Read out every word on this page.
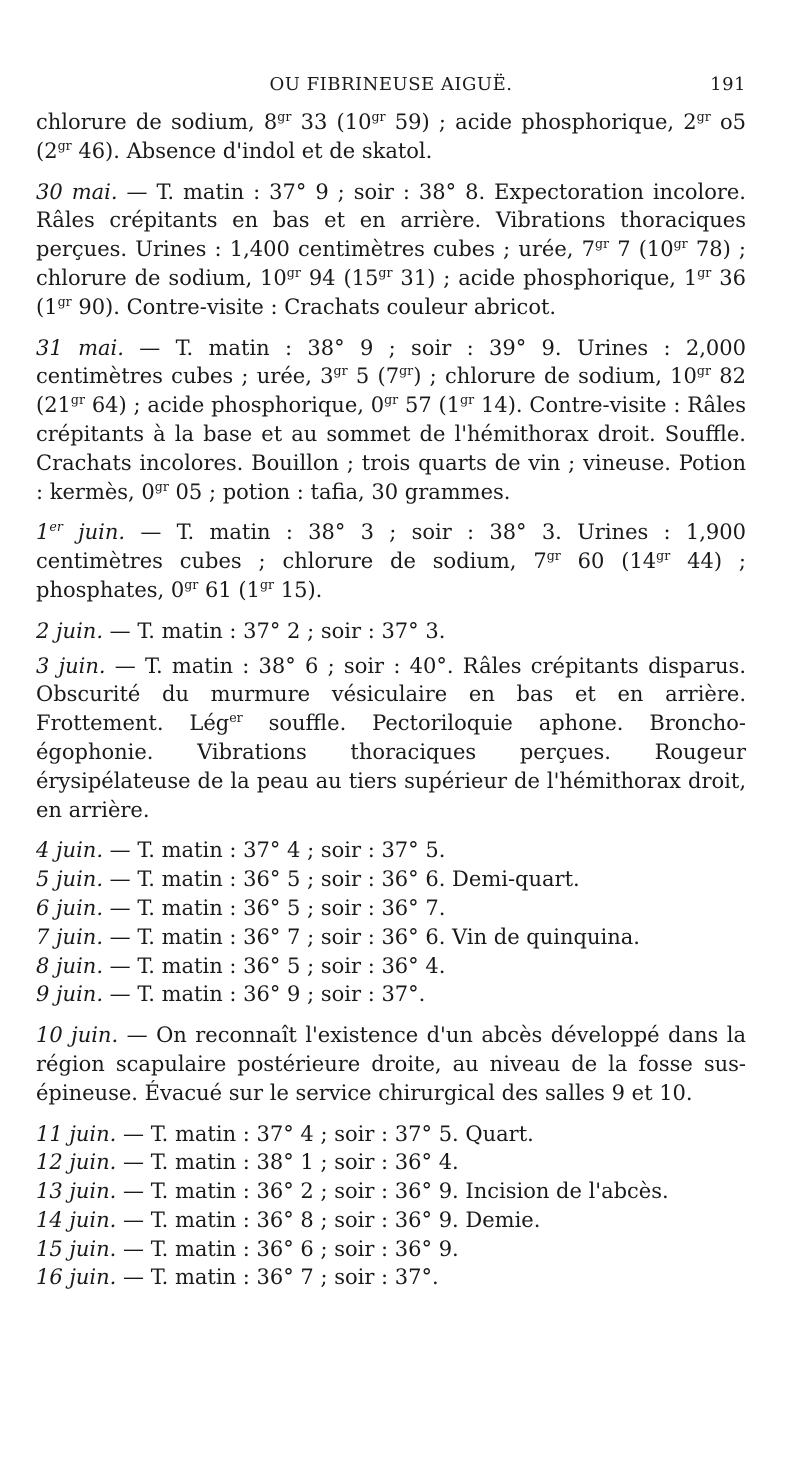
OU FIBRINEUSE AIGUË.	191

chlorure de sodium, $8^{gr}$ 33 ($10^{gr}$ 59) ; acide phosphorique, $2^{gr}$ o5 ($2^{gr}$ 46). Absence d'indol et de skatol.

30 mai. — T. matin : 37° 9 ; soir : 38° 8. Expectoration incolore. Râles crépitants en bas et en arrière. Vibrations thoraciques perçues. Urines : 1,400 centimètres cubes ; urée, $7^{gr}$ 7 ($10^{gr}$ 78) ; chlorure de sodium, $10^{gr}$ 94 ($15^{gr}$ 31) ; acide phosphorique, $1^{gr}$ 36 ($1^{gr}$ 90). Contre-visite : Crachats couleur abricot.

31 mai. — T. matin : 38° 9 ; soir : 39° 9. Urines : 2,000 centimètres cubes ; urée, $3^{gr}$ 5 $(7^{gr})$ ; chlorure de sodium, $10^{gr}$ 82 ($21^{gr}$ 64) ; acide phosphorique, $0^{gr}$ 57 ($1^{gr}$ 14). Contre-visite : Râles crépitants à la base et au sommet de l'hémithorax droit. Souffle. Crachats incolores. Bouillon ; trois quarts de vin ; vineuse. Potion : kermès, $0^{gr}$ 05 ; potion : tafia, 30 grammes.

1er juin. — T. matin : 38° 3 ; soir : 38° 3. Urines : 1,900 centimètres cubes ; chlorure de sodium, $7^{gr}$ 60 ($14^{gr}$ 44) ; phosphates, $0^{gr}$ 61 ($1^{gr}$ 15).

2 juin. — T. matin : 37° 2 ; soir : 37° 3.

3 juin. — T. matin : 38° 6 ; soir : 40°. Râles crépitants disparus. Obscurité du murmure vésiculaire en bas et en arrière. Frottement. Lég$^{er}$ souffle. Pectoriloquie aphone. Broncho-égophonie. Vibrations thoraciques perçues. Rougeur érysipélateuse de la peau au tiers supérieur de l'hémithorax droit, en arrière.

4 juin. — T. matin : 37° 4 ; soir : 37° 5.
5 juin. — T. matin : 36° 5 ; soir : 36° 6. Demi-quart.
6 juin. — T. matin : 36° 5 ; soir : 36° 7.
7 juin. — T. matin : 36° 7 ; soir : 36° 6. Vin de quinquina.
8 juin. — T. matin : 36° 5 ; soir : 36° 4.
9 juin. — T. matin : 36° 9 ; soir : 37°.

10 juin. — On reconnaît l'existence d'un abcès développé dans la région scapulaire postérieure droite, au niveau de la fosse sus-épineuse. Évacué sur le service chirurgical des salles 9 et 10.

11 juin. — T. matin : 37° 4 ; soir : 37° 5. Quart.
12 juin. — T. matin : 38° 1 ; soir : 36° 4.
13 juin. — T. matin : 36° 2 ; soir : 36° 9. Incision de l'abcès.
14 juin. — T. matin : 36° 8 ; soir : 36° 9. Demie.
15 juin. — T. matin : 36° 6 ; soir : 36° 9.
16 juin. — T. matin : 36° 7 ; soir : 37°.
